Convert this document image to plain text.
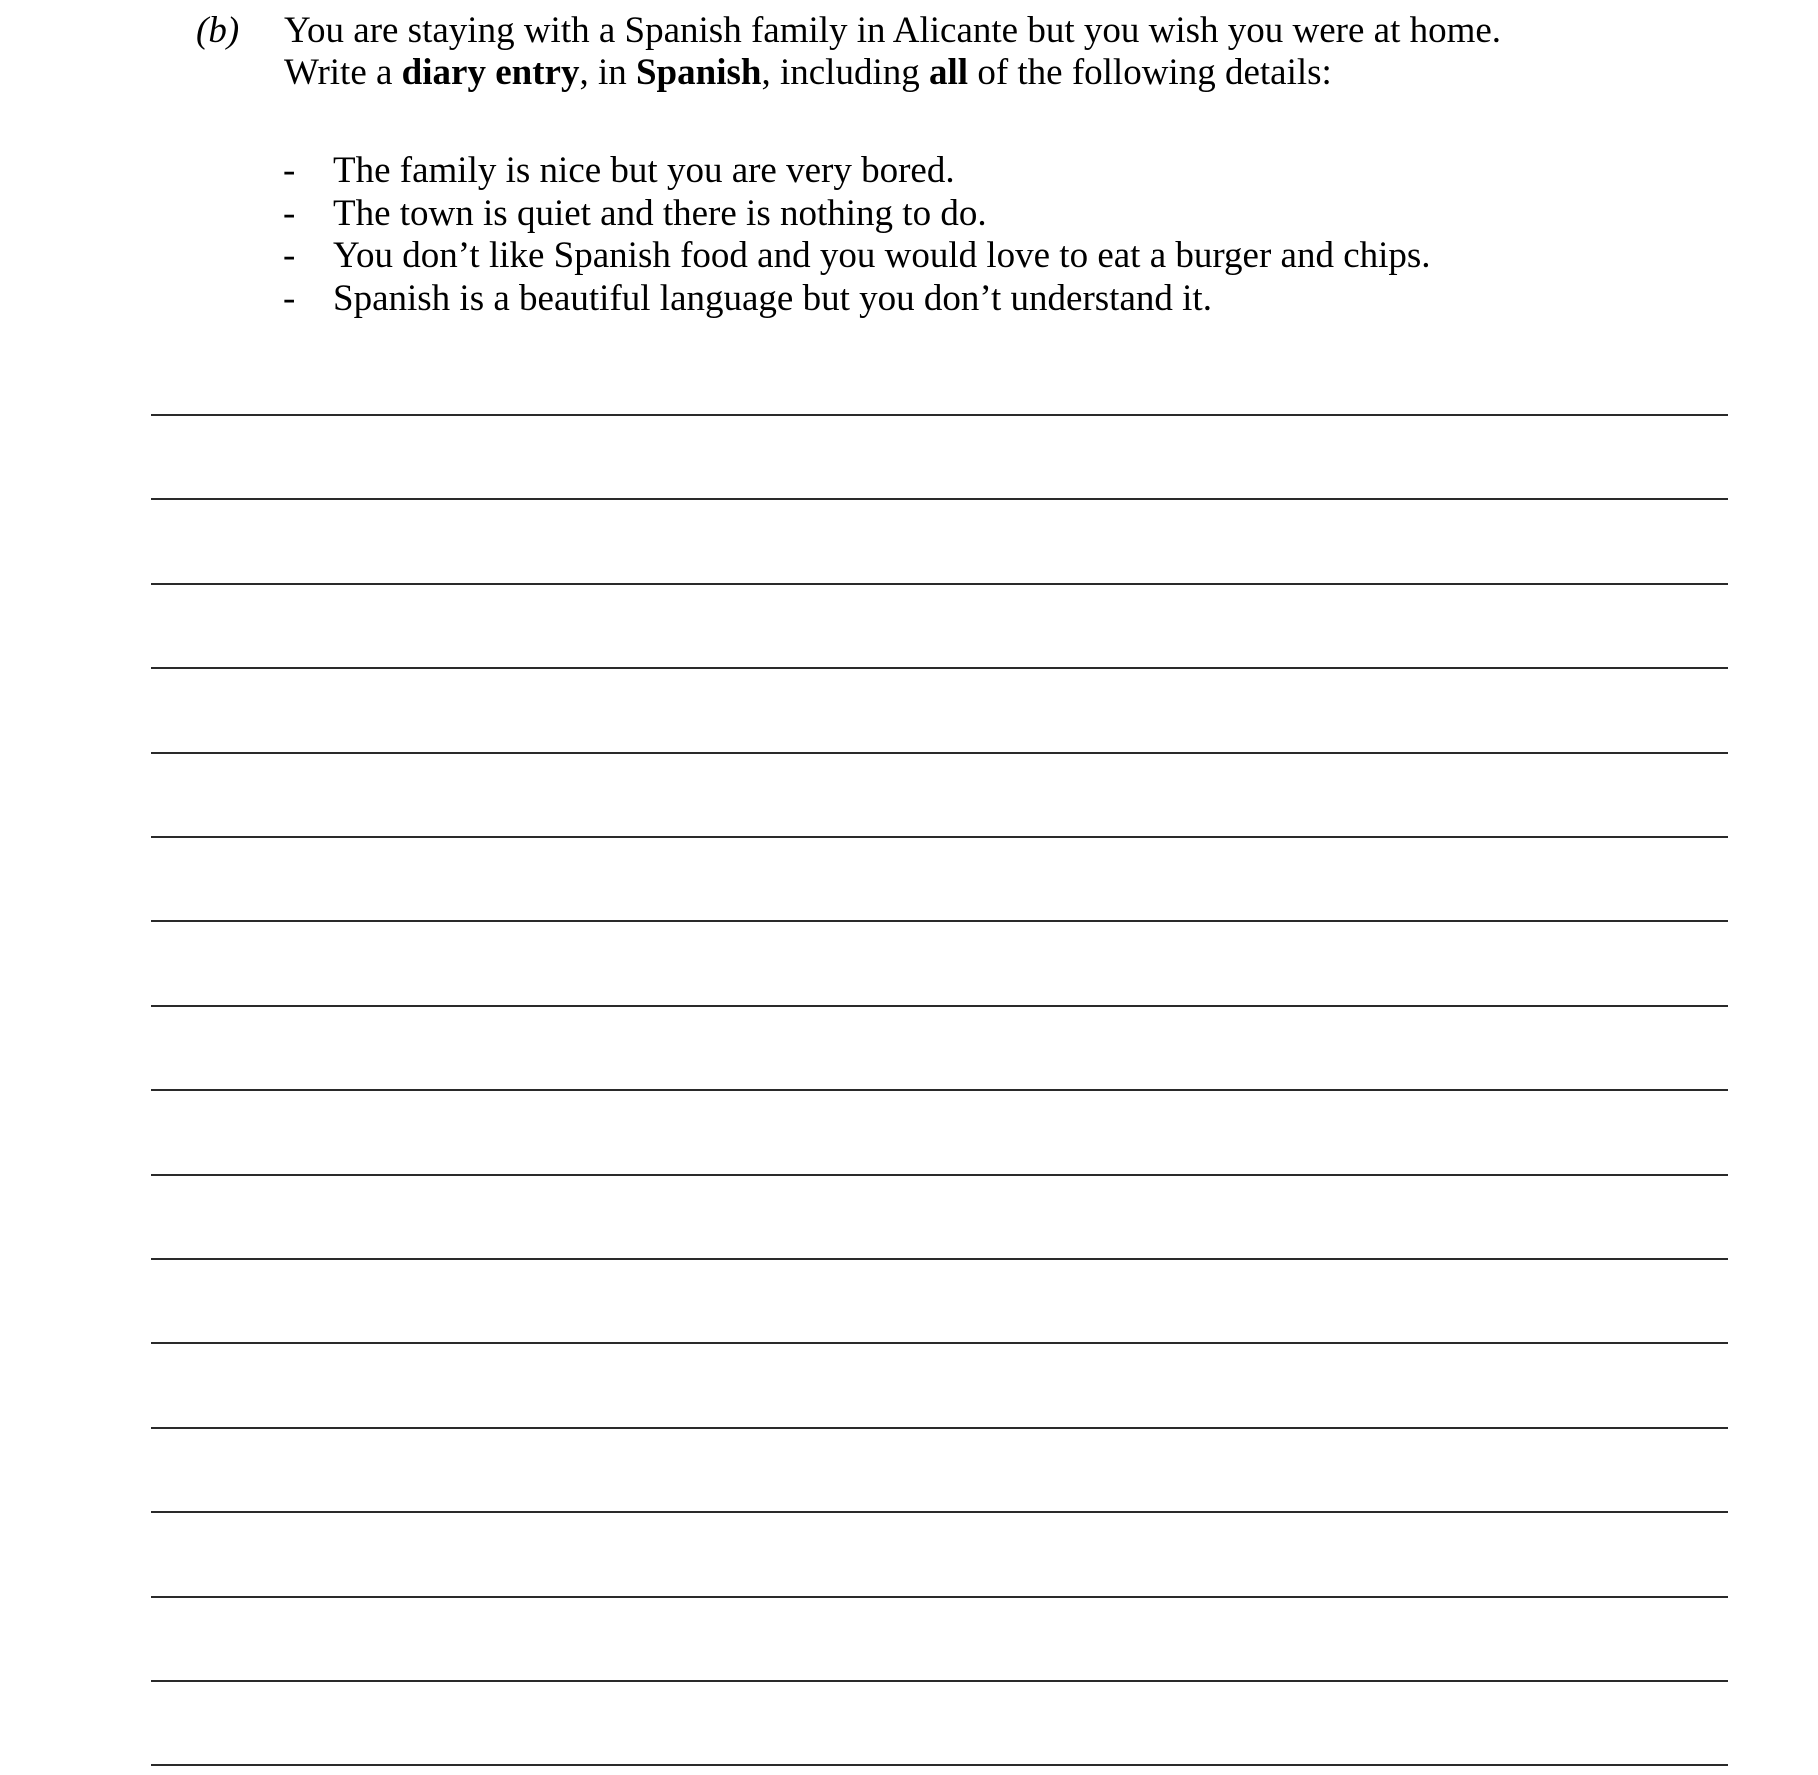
(b) You are staying with a Spanish family in Alicante but you wish you were at home.
Write a diary entry, in Spanish, including all of the following details:
- The family is nice but you are very bored.
- The town is quiet and there is nothing to do.
- You don’t like Spanish food and you would love to eat a burger and chips.
- Spanish is a beautiful language but you don’t understand it.
